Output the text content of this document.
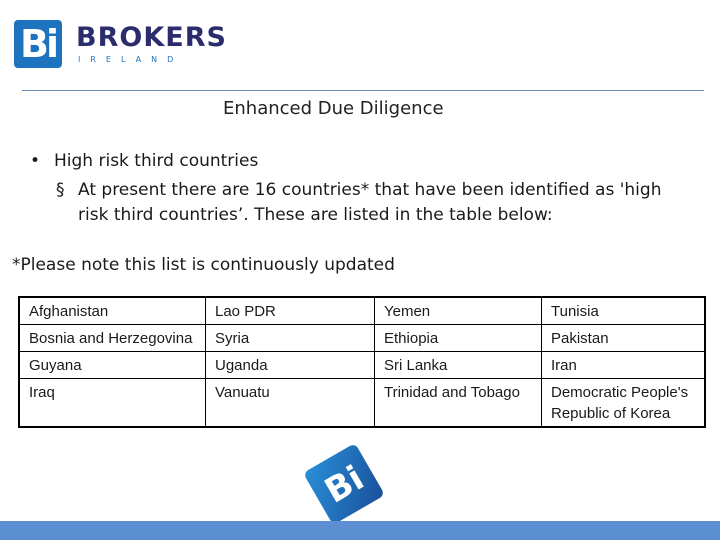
Bi BROKERS
IRELAND
Enhanced Due Diligence
• High risk third countries
§ At present there are 16 countries* that have been identified as 'high risk third countries’. These are listed in the table below:
*Please note this list is continuously updated
Afghanistan	Lao PDR	Yemen	Tunisia
Bosnia and Herzegovina	Syria	Ethiopia	Pakistan
Guyana	Uganda	Sri Lanka	Iran
Iraq	Vanuatu	Trinidad and Tobago	Democratic People's Republic of Korea
Bi
